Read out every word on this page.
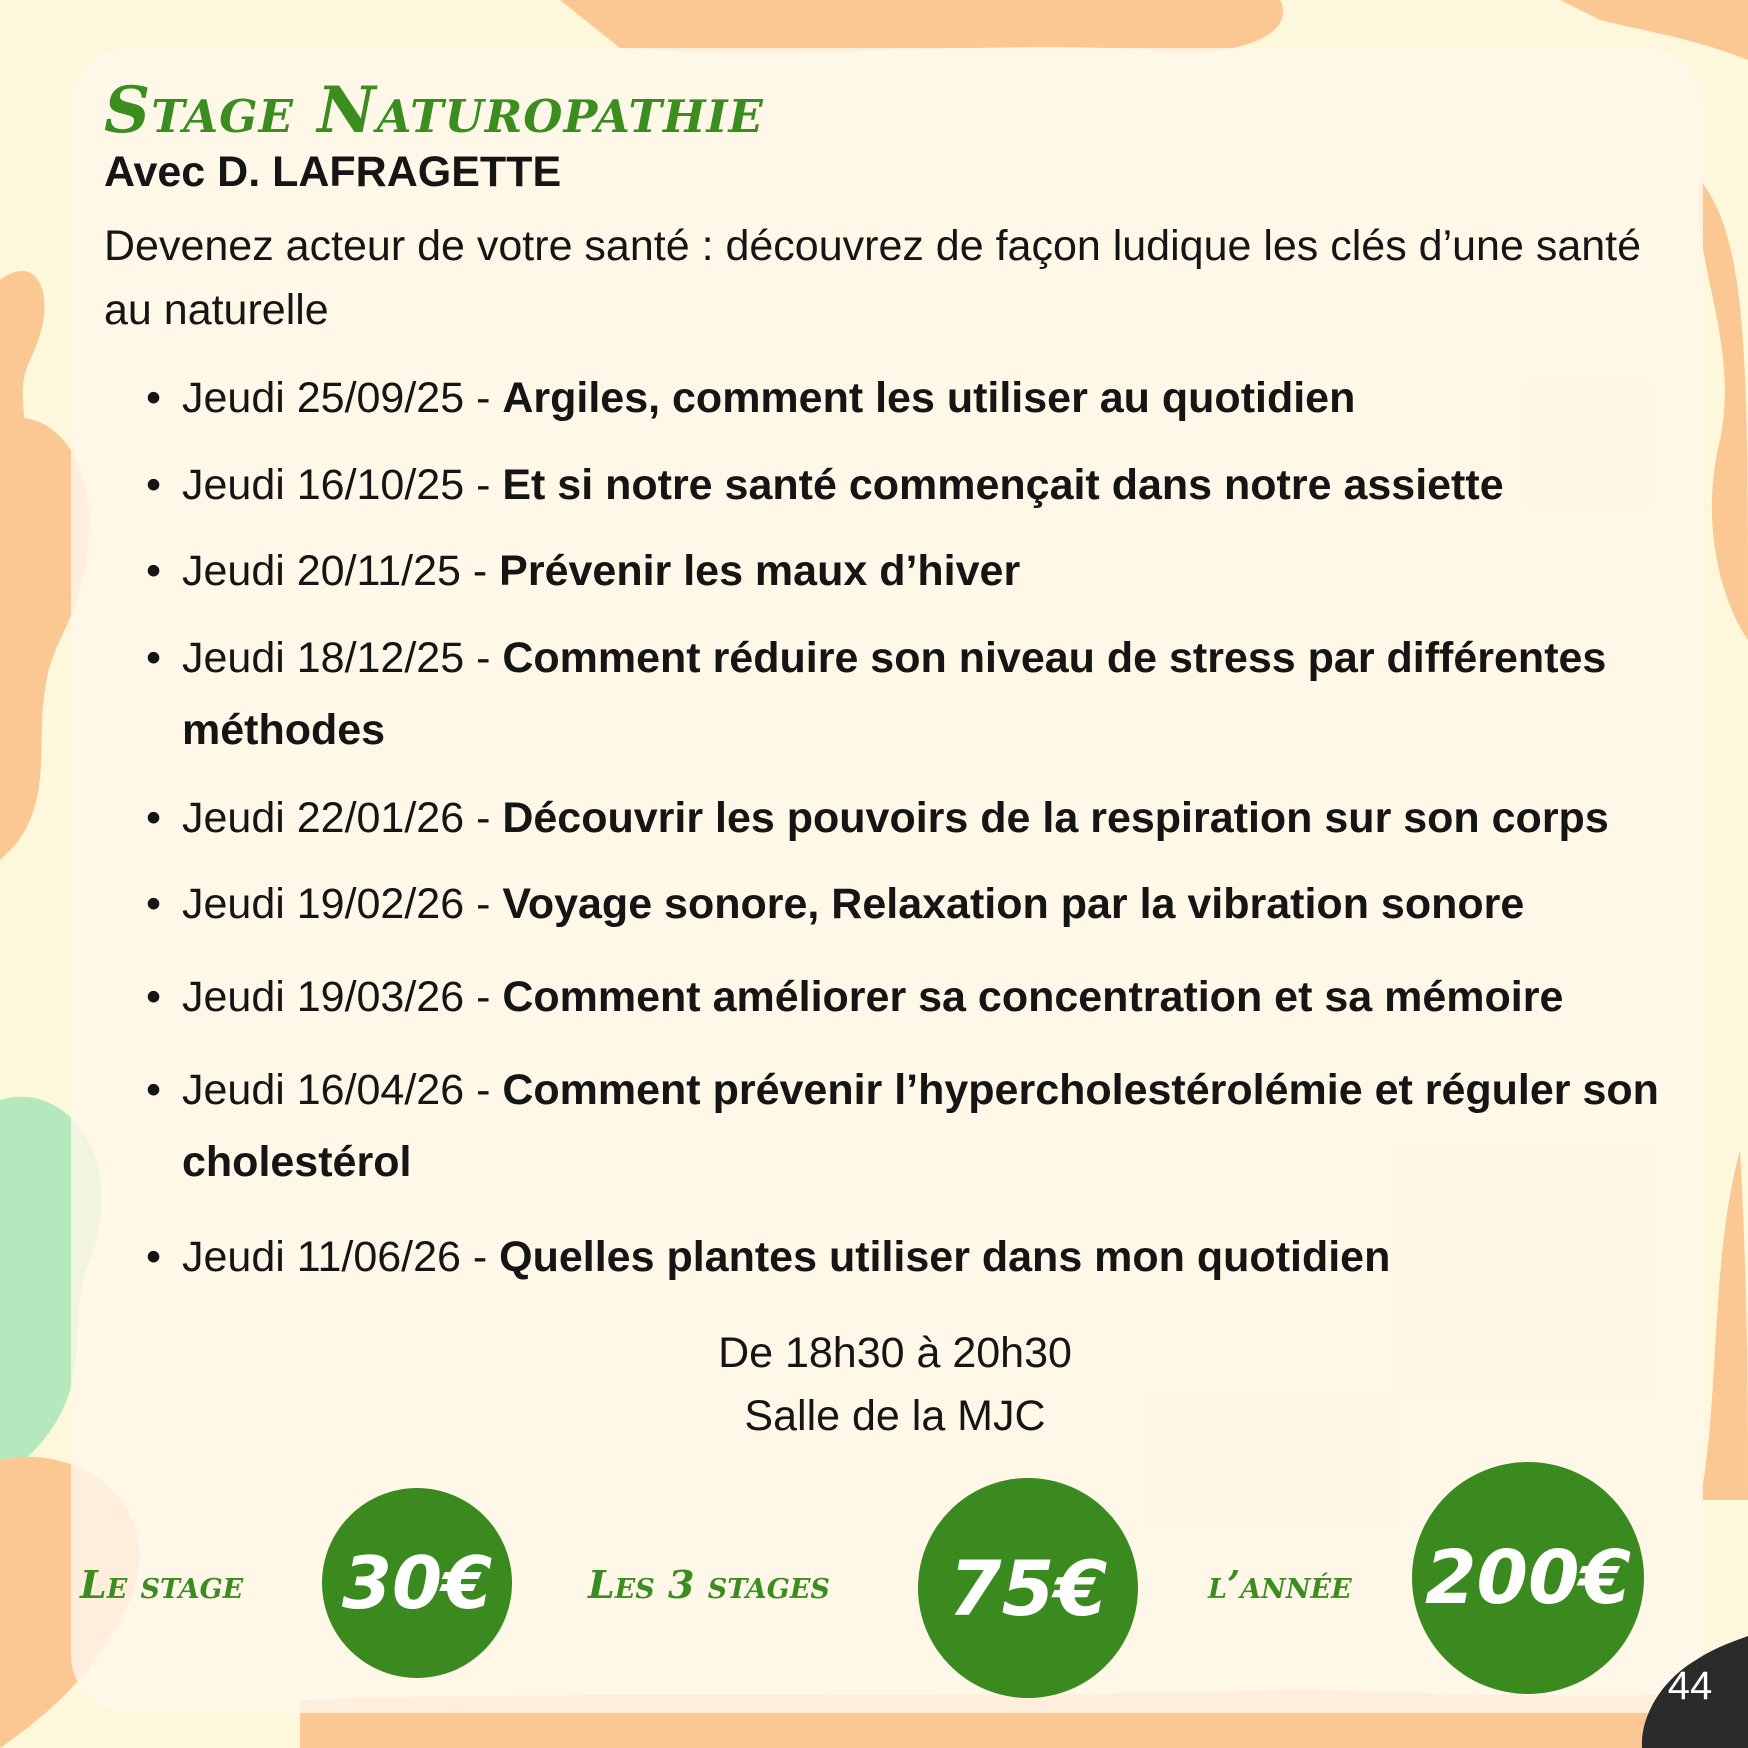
Stage Naturopathie
Avec D. LAFRAGETTE
Devenez acteur de votre santé : découvrez de façon ludique les clés d’une santé au naturelle
• Jeudi 25/09/25 - Argiles, comment les utiliser au quotidien
• Jeudi 16/10/25 - Et si notre santé commençait dans notre assiette
• Jeudi 20/11/25 - Prévenir les maux d’hiver
• Jeudi 18/12/25 - Comment réduire son niveau de stress par différentes méthodes
• Jeudi 22/01/26 - Découvrir les pouvoirs de la respiration sur son corps
• Jeudi 19/02/26 - Voyage sonore, Relaxation par la vibration sonore
• Jeudi 19/03/26 - Comment améliorer sa concentration et sa mémoire
• Jeudi 16/04/26 - Comment prévenir l’hypercholestérolémie et réguler son cholestérol
• Jeudi 11/06/26 - Quelles plantes utiliser dans mon quotidien
De 18h30 à 20h30
Salle de la MJC
Le stage 30€	Les 3 stages 75€	l’année 200€
44
